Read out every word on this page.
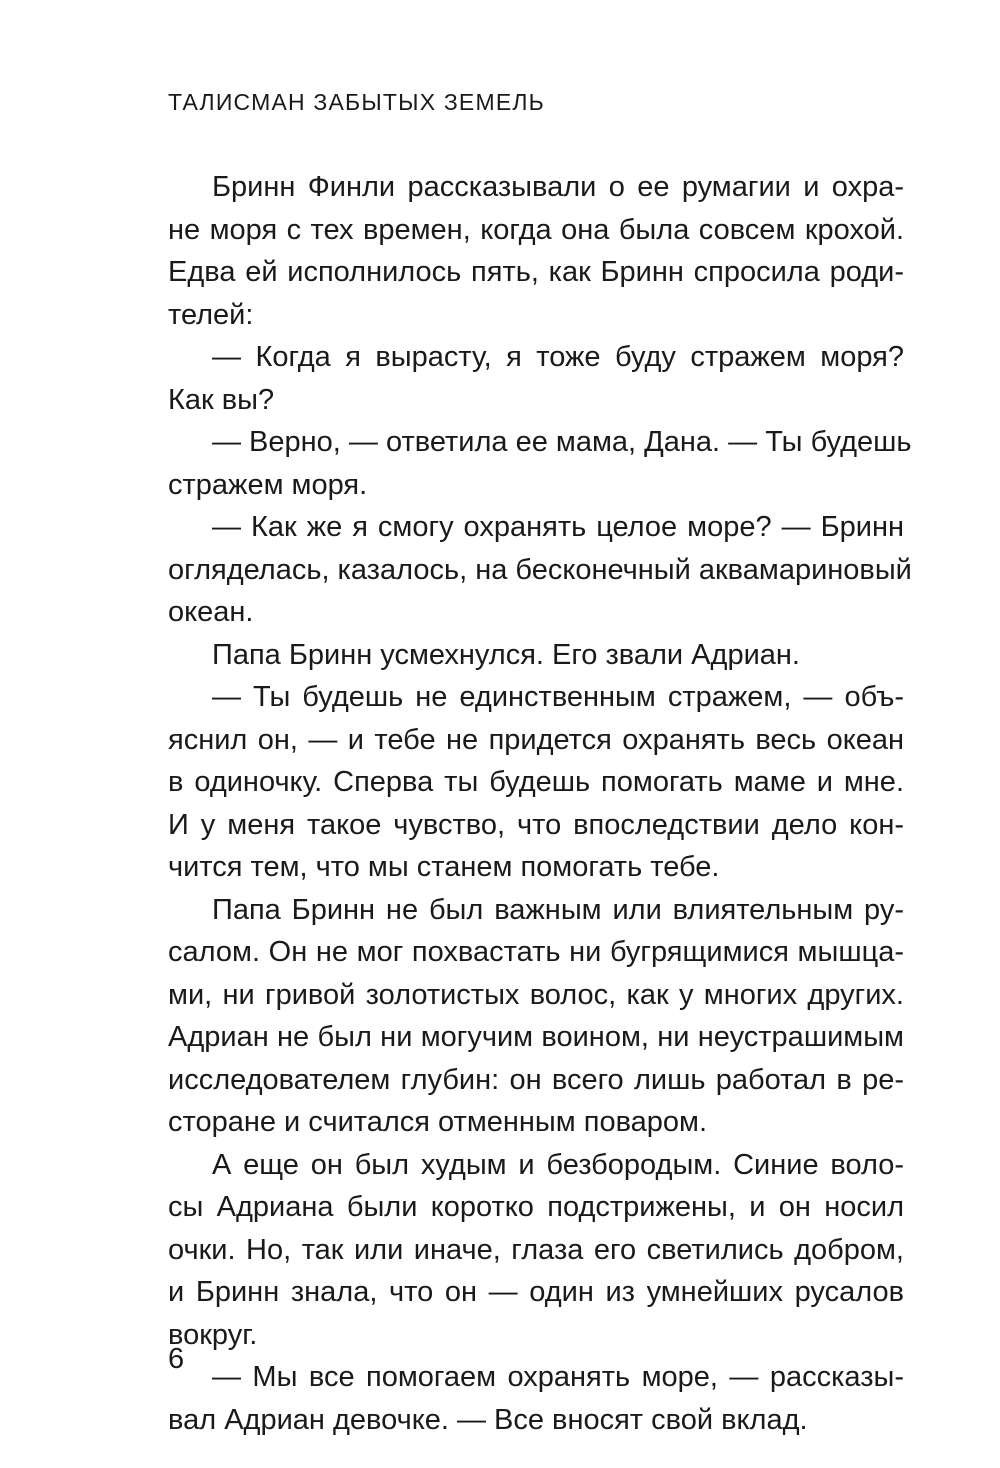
ТАЛИСМАН ЗАБЫТЫХ ЗЕМЕЛЬ
Бринн Финли рассказывали о ее румагии и охра-
не моря с тех времен, когда она была совсем крохой.
Едва ей исполнилось пять, как Бринн спросила роди-
телей:
— Когда я вырасту, я тоже буду стражем моря?
Как вы?
— Верно, — ответила ее мама, Дана. — Ты будешь
стражем моря.
— Как же я смогу охранять целое море? — Бринн
огляделась, казалось, на бесконечный аквамариновый
океан.
Папа Бринн усмехнулся. Его звали Адриан.
— Ты будешь не единственным стражем, — объ-
яснил он, — и тебе не придется охранять весь океан
в одиночку. Сперва ты будешь помогать маме и мне.
И у меня такое чувство, что впоследствии дело кон-
чится тем, что мы станем помогать тебе.
Папа Бринн не был важным или влиятельным ру-
салом. Он не мог похвастать ни бугрящимися мышца-
ми, ни гривой золотистых волос, как у многих других.
Адриан не был ни могучим воином, ни неустрашимым
исследователем глубин: он всего лишь работал в ре-
сторане и считался отменным поваром.
А еще он был худым и безбородым. Синие воло-
сы Адриана были коротко подстрижены, и он носил
очки. Но, так или иначе, глаза его светились добром,
и Бринн знала, что он — один из умнейших русалов
вокруг.
— Мы все помогаем охранять море, — рассказы-
вал Адриан девочке. — Все вносят свой вклад.
6
